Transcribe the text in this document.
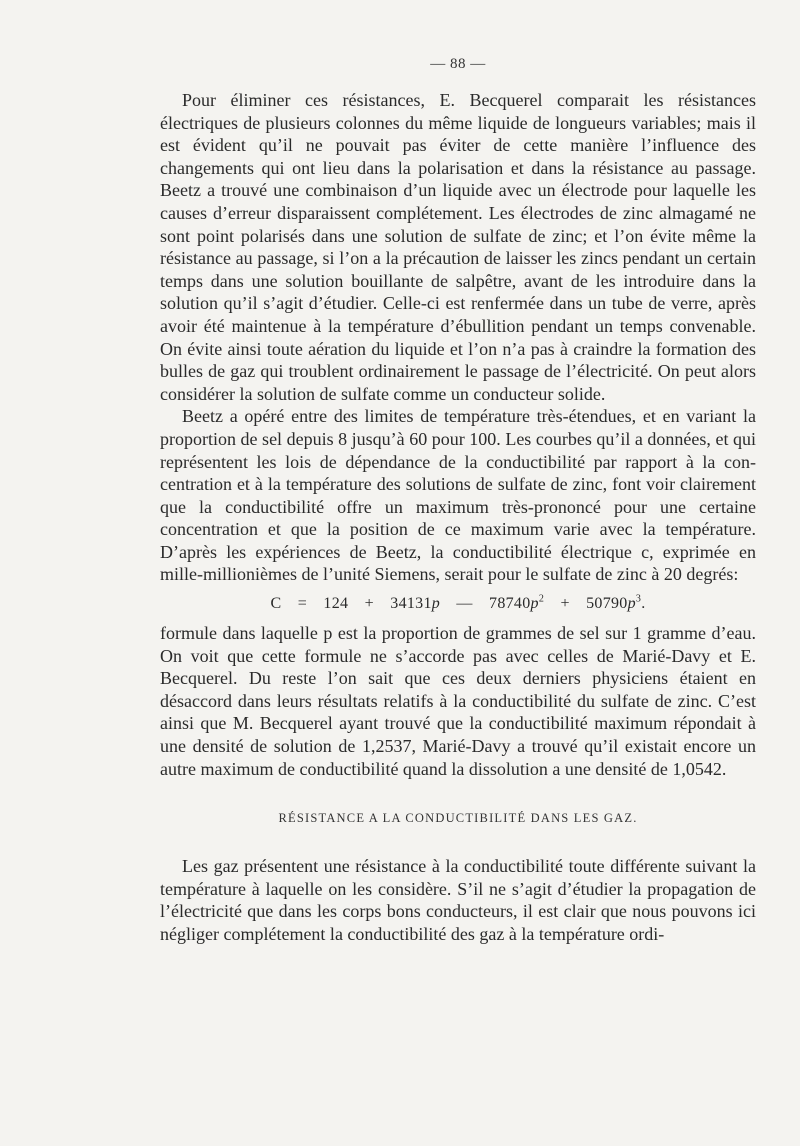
— 88 —

Pour éliminer ces résistances, E. Becquerel comparait les résistances électriques de plusieurs colonnes du même liquide de longueurs variables; mais il est évident qu’il ne pouvait pas éviter de cette manière l’influence des changements qui ont lieu dans la polarisation et dans la résistance au passage. Beetz a trouvé une combinaison d’un liquide avec un électrode pour laquelle les causes d’erreur disparaissent complétement. Les électrodes de zinc almagamé ne sont point polarisés dans une solution de sulfate de zinc; et l’on évite même la résistance au passage, si l’on a la précaution de laisser les zincs pendant un certain temps dans une solution bouillante de salpêtre, avant de les introduire dans la solution qu’il s’agit d’étudier. Celle-ci est renfermée dans un tube de verre, après avoir été maintenue à la température d’ébullition pendant un temps convenable. On évite ainsi toute aération du liquide et l’on n’a pas à craindre la formation des bulles de gaz qui troublent ordinairement le passage de l’électricité. On peut alors considérer la solution de sulfate comme un conducteur solide.

Beetz a opéré entre des limites de température très-étendues, et en variant la proportion de sel depuis 8 jusqu’à 60 pour 100. Les courbes qu’il a données, et qui représentent les lois de dépendance de la conductibilité par rapport à la concentration et à la température des solutions de sulfate de zinc, font voir clairement que la conductibilité offre un maximum très-prononcé pour une certaine concentration et que la position de ce maximum varie avec la température. D’après les expériences de Beetz, la conductibilité électrique c, exprimée en mille-millionièmes de l’unité Siemens, serait pour le sulfate de zinc à 20 degrés:

C = 124 + 34131p — $78740p^2 + 50790p^3$.

formule dans laquelle p est la proportion de grammes de sel sur 1 gramme d’eau. On voit que cette formule ne s’accorde pas avec celles de Marié-Davy et E. Becquerel. Du reste l’on sait que ces deux derniers physiciens étaient en désaccord dans leurs résultats relatifs à la conductibilité du sulfate de zinc. C’est ainsi que M. Becquerel ayant trouvé que la conductibilité maximum répondait à une densité de solution de 1,2537, Marié-Davy a trouvé qu’il existait encore un autre maximum de conductibilité quand la dissolution a une densité de 1,0542.

RÉSISTANCE A LA CONDUCTIBILITÉ DANS LES GAZ.

Les gaz présentent une résistance à la conductibilité toute différente suivant la température à laquelle on les considère. S’il ne s’agit d’étudier la propagation de l’électricité que dans les corps bons conducteurs, il est clair que nous pouvons ici négliger complétement la conductibilité des gaz à la température ordi-
